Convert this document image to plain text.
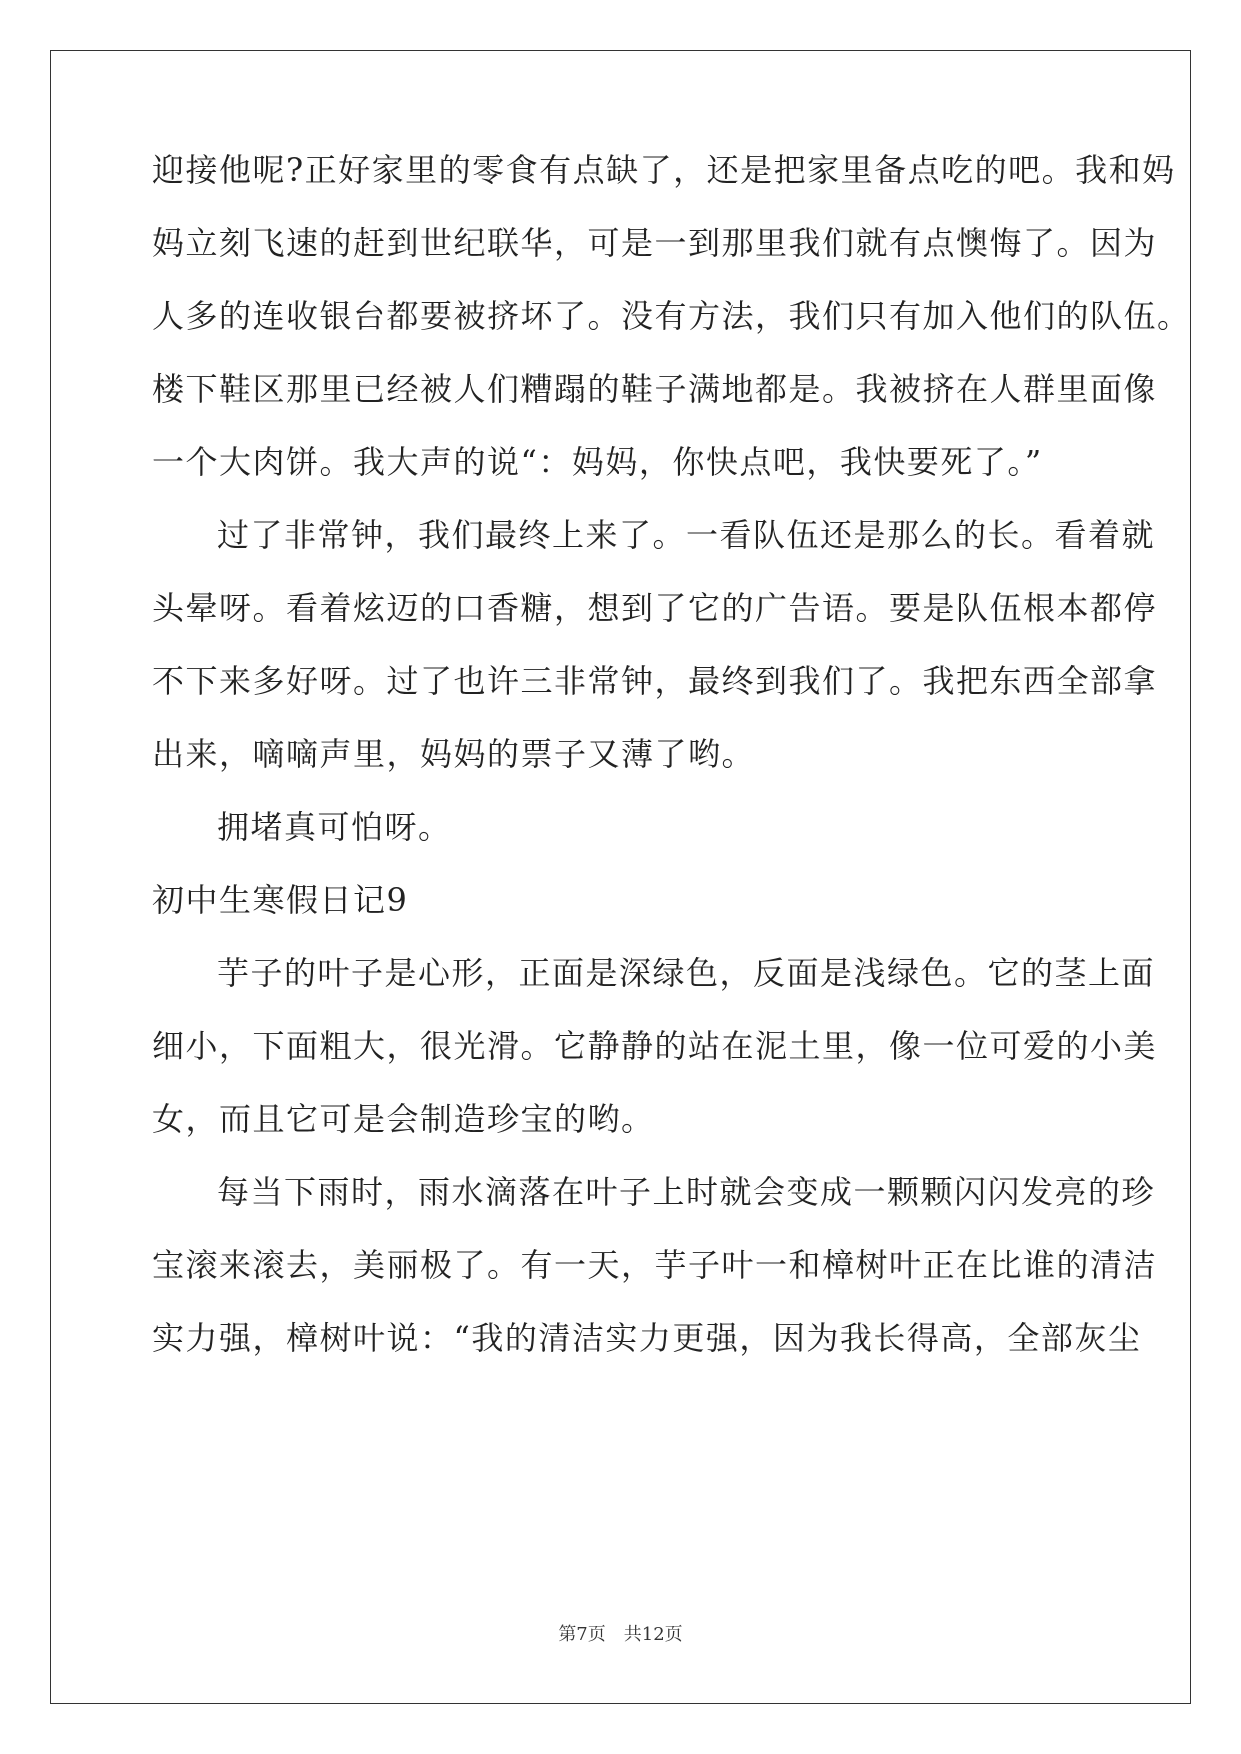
迎接他呢?正好家里的零食有点缺了，还是把家里备点吃的吧。我和妈
妈立刻飞速的赶到世纪联华，可是一到那里我们就有点懊悔了。因为
人多的连收银台都要被挤坏了。没有方法，我们只有加入他们的队伍。
楼下鞋区那里已经被人们糟蹋的鞋子满地都是。我被挤在人群里面像
一个大肉饼。我大声的说“：妈妈，你快点吧，我快要死了。”
过了非常钟，我们最终上来了。一看队伍还是那么的长。看着就
头晕呀。看着炫迈的口香糖，想到了它的广告语。要是队伍根本都停
不下来多好呀。过了也许三非常钟，最终到我们了。我把东西全部拿
出来，嘀嘀声里，妈妈的票子又薄了哟。
拥堵真可怕呀。
初中生寒假日记9
芋子的叶子是心形，正面是深绿色，反面是浅绿色。它的茎上面
细小，下面粗大，很光滑。它静静的站在泥土里，像一位可爱的小美
女，而且它可是会制造珍宝的哟。
每当下雨时，雨水滴落在叶子上时就会变成一颗颗闪闪发亮的珍
宝滚来滚去，美丽极了。有一天，芋子叶一和樟树叶正在比谁的清洁
实力强，樟树叶说：“我的清洁实力更强，因为我长得高，全部灰尘
第7页　共12页
